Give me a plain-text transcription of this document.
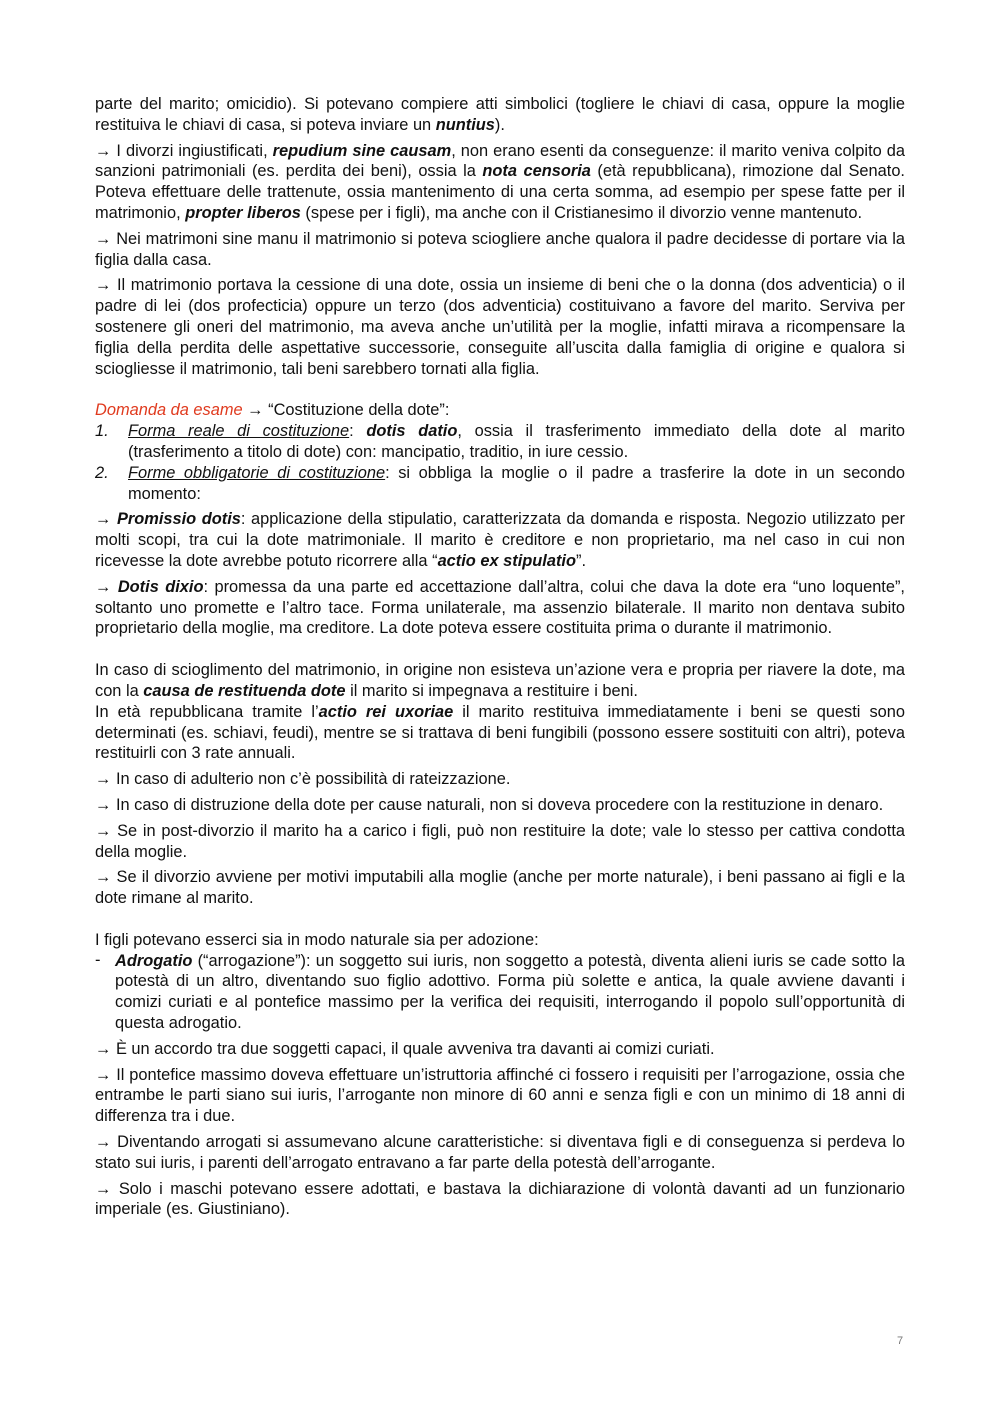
parte del marito; omicidio). Si potevano compiere atti simbolici (togliere le chiavi di casa, oppure la moglie restituiva le chiavi di casa, si poteva inviare un nuntius).

→ I divorzi ingiustificati, repudium sine causam, non erano esenti da conseguenze: il marito veniva colpito da sanzioni patrimoniali (es. perdita dei beni), ossia la nota censoria (età repubblicana), rimozione dal Senato. Poteva effettuare delle trattenute, ossia mantenimento di una certa somma, ad esempio per spese fatte per il matrimonio, propter liberos (spese per i figli), ma anche con il Cristianesimo il divorzio venne mantenuto.

→ Nei matrimoni sine manu il matrimonio si poteva sciogliere anche qualora il padre decidesse di portare via la figlia dalla casa.

→ Il matrimonio portava la cessione di una dote, ossia un insieme di beni che o la donna (dos adventicia) o il padre di lei (dos profecticia) oppure un terzo (dos adventicia) costituivano a favore del marito. Serviva per sostenere gli oneri del matrimonio, ma aveva anche un’utilità per la moglie, infatti mirava a ricompensare la figlia della perdita delle aspettative successorie, conseguite all’uscita dalla famiglia di origine e qualora si sciogliesse il matrimonio, tali beni sarebbero tornati alla figlia.

Domanda da esame → “Costituzione della dote”:

1. Forma reale di costituzione: dotis datio, ossia il trasferimento immediato della dote al marito (trasferimento a titolo di dote) con: mancipatio, traditio, in iure cessio.
2. Forme obbligatorie di costituzione: si obbliga la moglie o il padre a trasferire la dote in un secondo momento:

→ Promissio dotis: applicazione della stipulatio, caratterizzata da domanda e risposta. Negozio utilizzato per molti scopi, tra cui la dote matrimoniale. Il marito è creditore e non proprietario, ma nel caso in cui non ricevesse la dote avrebbe potuto ricorrere alla “actio ex stipulatio”.

→ Dotis dixio: promessa da una parte ed accettazione dall’altra, colui che dava la dote era “uno loquente”, soltanto uno promette e l’altro tace. Forma unilaterale, ma assenzio bilaterale. Il marito non dentava subito proprietario della moglie, ma creditore. La dote poteva essere costituita prima o durante il matrimonio.

In caso di scioglimento del matrimonio, in origine non esisteva un’azione vera e propria per riavere la dote, ma con la causa de restituenda dote il marito si impegnava a restituire i beni.

In età repubblicana tramite l’actio rei uxoriae il marito restituiva immediatamente i beni se questi sono determinati (es. schiavi, feudi), mentre se si trattava di beni fungibili (possono essere sostituiti con altri), poteva restituirli con 3 rate annuali.

→ In caso di adulterio non c’è possibilità di rateizzazione.

→ In caso di distruzione della dote per cause naturali, non si doveva procedere con la restituzione in denaro.

→ Se in post-divorzio il marito ha a carico i figli, può non restituire la dote; vale lo stesso per cattiva condotta della moglie.

→ Se il divorzio avviene per motivi imputabili alla moglie (anche per morte naturale), i beni passano ai figli e la dote rimane al marito.

I figli potevano esserci sia in modo naturale sia per adozione:

- Adrogatio (“arrogazione”): un soggetto sui iuris, non soggetto a potestà, diventa alieni iuris se cade sotto la potestà di un altro, diventando suo figlio adottivo. Forma più solette e antica, la quale avviene davanti i comizi curiati e al pontefice massimo per la verifica dei requisiti, interrogando il popolo sull’opportunità di questa adrogatio.

→ È un accordo tra due soggetti capaci, il quale avveniva tra davanti ai comizi curiati.

→ Il pontefice massimo doveva effettuare un’istruttoria affinché ci fossero i requisiti per l’arrogazione, ossia che entrambe le parti siano sui iuris, l’arrogante non minore di 60 anni e senza figli e con un minimo di 18 anni di differenza tra i due.

→ Diventando arrogati si assumevano alcune caratteristiche: si diventava figli e di conseguenza si perdeva lo stato sui iuris, i parenti dell’arrogato entravano a far parte della potestà dell’arrogante.

→ Solo i maschi potevano essere adottati, e bastava la dichiarazione di volontà davanti ad un funzionario imperiale (es. Giustiniano).

7
